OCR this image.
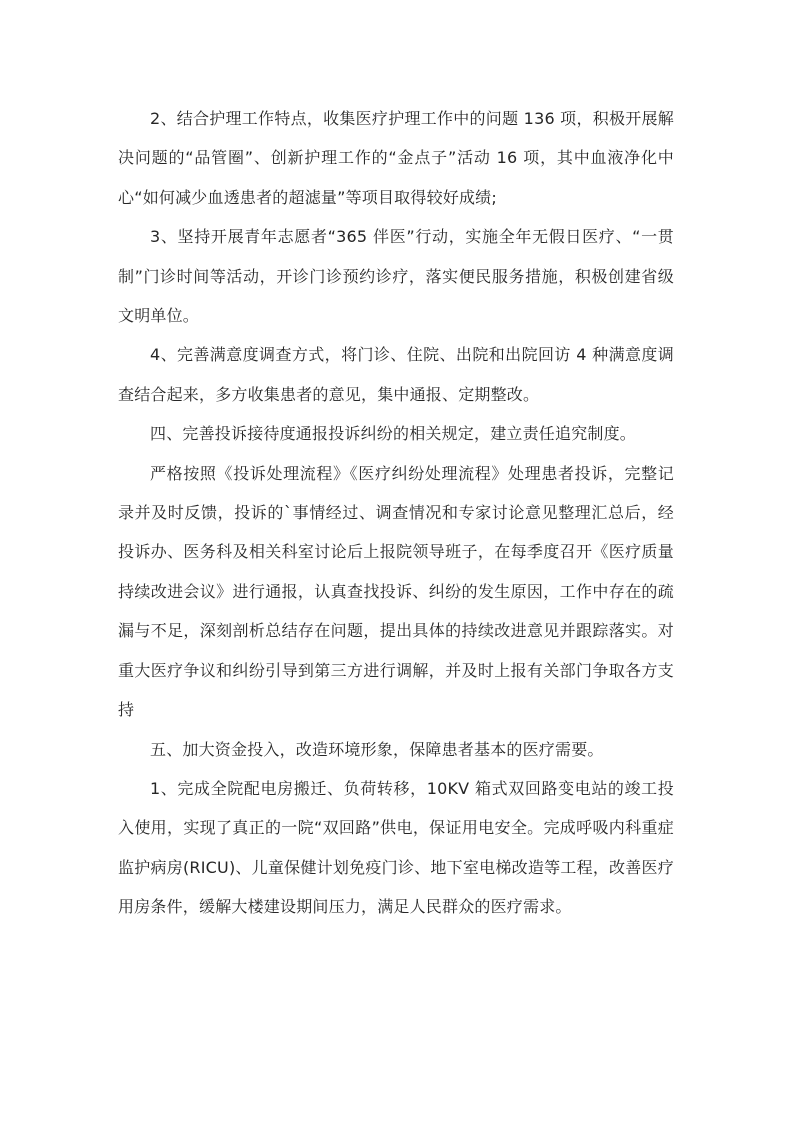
2、结合护理工作特点，收集医疗护理工作中的问题 136 项，积极开展解决问题的“品管圈”、创新护理工作的“金点子”活动 16 项，其中血液净化中心“如何减少血透患者的超滤量”等项目取得较好成绩;

3、坚持开展青年志愿者“365 伴医”行动，实施全年无假日医疗、“一贯制”门诊时间等活动，开诊门诊预约诊疗，落实便民服务措施，积极创建省级文明单位。

4、完善满意度调查方式，将门诊、住院、出院和出院回访 4 种满意度调查结合起来，多方收集患者的意见，集中通报、定期整改。

四、完善投诉接待度通报投诉纠纷的相关规定，建立责任追究制度。

严格按照《投诉处理流程》《医疗纠纷处理流程》处理患者投诉，完整记录并及时反馈，投诉的`事情经过、调查情况和专家讨论意见整理汇总后，经投诉办、医务科及相关科室讨论后上报院领导班子，在每季度召开《医疗质量持续改进会议》进行通报，认真查找投诉、纠纷的发生原因，工作中存在的疏漏与不足，深刻剖析总结存在问题，提出具体的持续改进意见并跟踪落实。对重大医疗争议和纠纷引导到第三方进行调解，并及时上报有关部门争取各方支持

五、加大资金投入，改造环境形象，保障患者基本的医疗需要。

1、完成全院配电房搬迁、负荷转移，10KV 箱式双回路变电站的竣工投入使用，实现了真正的一院“双回路”供电，保证用电安全。完成呼吸内科重症监护病房(RICU)、儿童保健计划免疫门诊、地下室电梯改造等工程，改善医疗用房条件，缓解大楼建设期间压力，满足人民群众的医疗需求。
